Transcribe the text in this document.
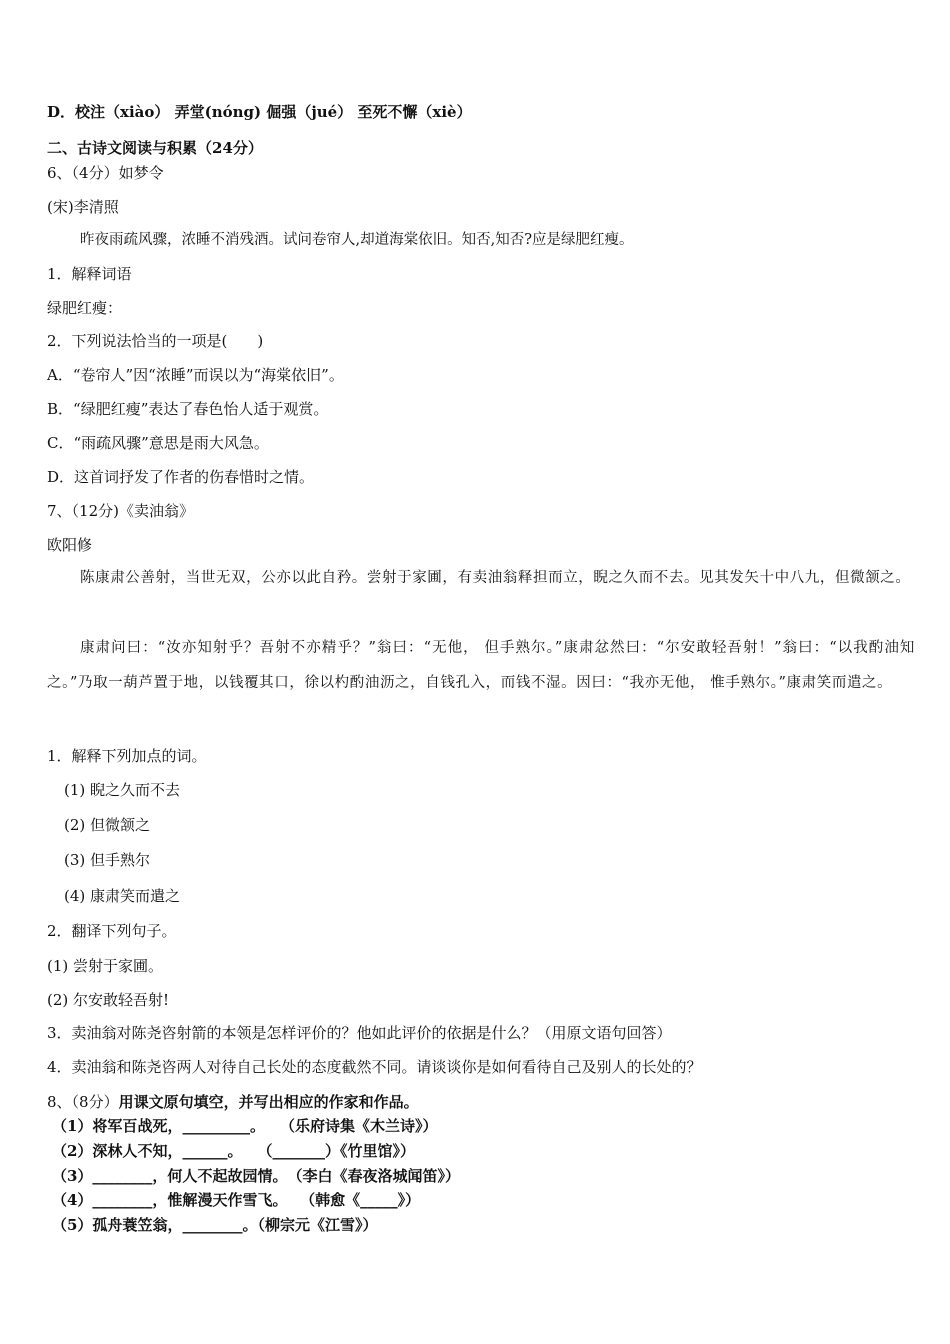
D．校注（xiào） 弄堂(nóng) 倔强（jué） 至死不懈（xiè）
二、古诗文阅读与积累（24分）
6、（4分）如梦令
(宋)李清照
昨夜雨疏风骤，浓睡不消残酒。试问卷帘人,却道海棠依旧。知否,知否?应是绿肥红瘦。
1．解释词语
绿肥红瘦：
2．下列说法恰当的一项是(　　)
A．“卷帘人”因“浓睡”而误以为“海棠依旧”。
B．“绿肥红瘦”表达了春色怡人适于观赏。
C．“雨疏风骤”意思是雨大风急。
D．这首词抒发了作者的伤春惜时之情。
7、（12分)《卖油翁》
欧阳修
陈康肃公善射，当世无双，公亦以此自矜。尝射于家圃，有卖油翁释担而立，睨之久而不去。见其发矢十中八九，但微颔之。
康肃问曰：“汝亦知射乎？吾射不亦精乎？”翁曰：“无他， 但手熟尔。”康肃忿然曰：“尔安敢轻吾射！”翁曰：“以我酌油知之。”乃取一葫芦置于地，以钱覆其口，徐以杓酌油沥之，自钱孔入，而钱不湿。因曰：“我亦无他， 惟手熟尔。”康肃笑而遣之。
1．解释下列加点的词。
(1) 睨之久而不去
(2) 但微颔之
(3) 但手熟尔
(4) 康肃笑而遣之
2．翻译下列句子。
(1) 尝射于家圃。
(2) 尔安敢轻吾射!
3．卖油翁对陈尧咨射箭的本领是怎样评价的？他如此评价的依据是什么？（用原文语句回答）
4．卖油翁和陈尧咨两人对待自己长处的态度截然不同。请谈谈你是如何看待自己及别人的长处的？
8、（8分）用课文原句填空，并写出相应的作家和作品。
（1）将军百战死，_________。　　（乐府诗集《木兰诗》）
（2）深林人不知，______。　　（_______）《竹里馆》）
（3）________，何人不起故园情。　（李白《春夜洛城闻笛》）
（4）________，惟解漫天作雪飞。　 （韩愈《_____》）
（5）孤舟蓑笠翁，________。（柳宗元《江雪》）
